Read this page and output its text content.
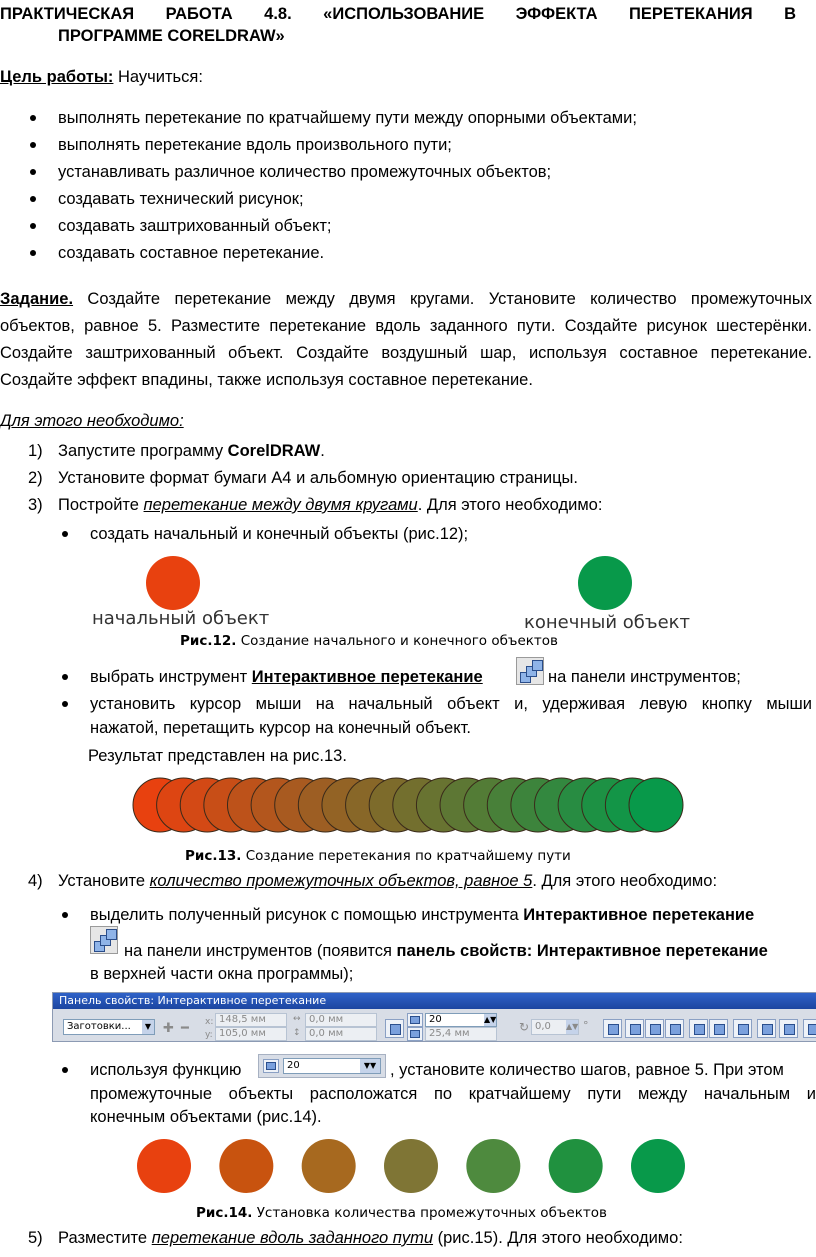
ПРАКТИЧЕСКАЯ РАБОТА 4.8. «ИСПОЛЬЗОВАНИЕ ЭФФЕКТА ПЕРЕТЕКАНИЯ В
ПРОГРАММЕ CORELDRAW»
Цель работы: Научиться:
выполнять перетекание по кратчайшему пути между опорными объектами;
выполнять перетекание вдоль произвольного пути;
устанавливать различное количество промежуточных объектов;
создавать технический рисунок;
создавать заштрихованный объект;
создавать составное перетекание.
Задание. Создайте перетекание между двумя кругами. Установите количество промежуточных
объектов, равное 5. Разместите перетекание вдоль заданного пути. Создайте рисунок шестерёнки.
Создайте заштрихованный объект. Создайте воздушный шар, используя составное перетекание.
Создайте эффект впадины, также используя составное перетекание.
Для этого необходимо:
1) Запустите программу CorelDRAW.
2) Установите формат бумаги А4 и альбомную ориентацию страницы.
3) Постройте перетекание между двумя кругами. Для этого необходимо:
создать начальный и конечный объекты (рис.12);
начальный объект	конечный объект
Рис.12. Создание начального и конечного объектов
выбрать инструмент Интерактивное перетекание	на панели инструментов;
установить курсор мыши на начальный объект и, удерживая левую кнопку мыши
нажатой, перетащить курсор на конечный объект.
Результат представлен на рис.13.
Рис.13. Создание перетекания по кратчайшему пути
4) Установите количество промежуточных объектов, равное 5. Для этого необходимо:
выделить полученный рисунок с помощью инструмента Интерактивное перетекание
на панели инструментов (появится панель свойств: Интерактивное перетекание
в верхней части окна программы);
Панель свойств: Интерактивное перетекание
Заготовки...	▼ ✚ ━ x: 148,5 мм
y: 105,0 мм
↔ 0,0 мм
↕ 0,0 мм
20	▲▼
25,4 мм	↻ 0,0 ▲▼ °
используя функцию	20	▼▼ , установите количество шагов, равное 5. При этом
промежуточные объекты расположатся по кратчайшему пути между начальным и
конечным объектами (рис.14).
Рис.14. Установка количества промежуточных объектов
5) Разместите перетекание вдоль заданного пути (рис.15). Для этого необходимо:
